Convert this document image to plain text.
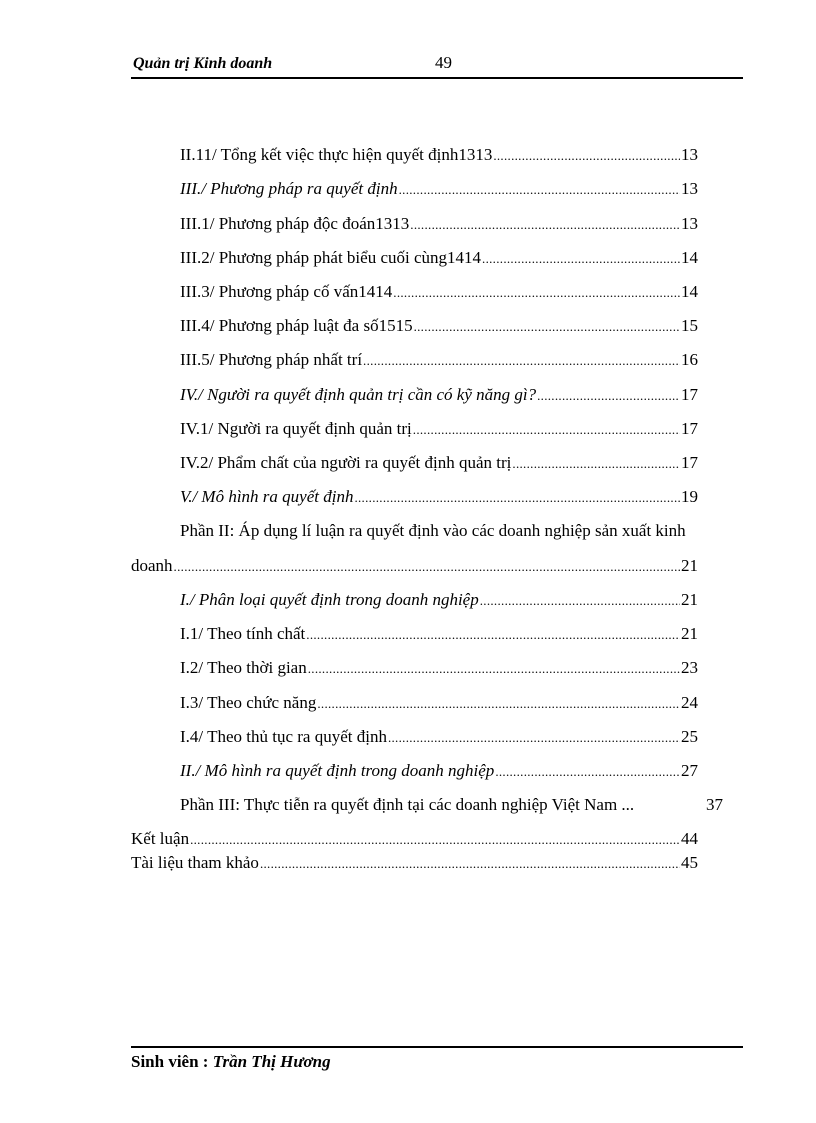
Quản trị Kinh doanh	49
II.11/ Tổng kết việc thực hiện quyết định1313 .....	13
III./ Phương pháp ra quyết định .....	13
III.1/ Phương pháp độc đoán1313 .....	13
III.2/ Phương pháp phát biểu cuối cùng1414 .....	14
III.3/ Phương pháp cố vấn1414 .....	14
III.4/ Phương pháp luật đa số1515 .....	15
III.5/ Phương pháp nhất trí .....	16
IV./ Người ra quyết định quản trị cần có kỹ năng gì? .....	17
IV.1/ Người ra quyết định quản trị .....	17
IV.2/ Phẩm chất của người ra quyết định quản trị .....	17
V./ Mô hình ra quyết định .....	19
Phần II: Áp dụng lí luận ra quyết định vào các doanh nghiệp sản xuất kinh
doanh .....	21
I./ Phân loại quyết định trong doanh nghiệp .....	21
I.1/ Theo tính chất .....	21
I.2/ Theo thời gian .....	23
I.3/ Theo chức năng .....	24
I.4/ Theo thủ tục ra quyết định .....	25
II./ Mô hình ra quyết định trong doanh nghiệp .....	27
Phần III: Thực tiễn ra quyết định tại các doanh nghiệp Việt Nam ...	37
Kết luận .....	44
Tài liệu tham khảo .....	45
Sinh viên : Trần Thị Hương
